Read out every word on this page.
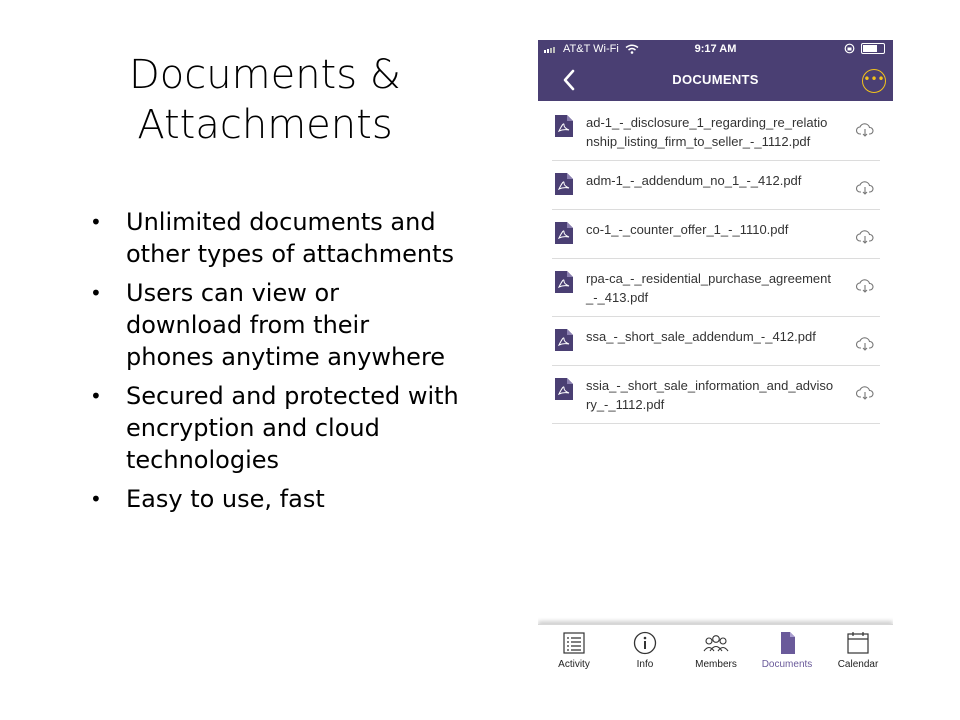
Documents &
Attachments
• Unlimited documents and other types of attachments
• Users can view or download from their phones anytime anywhere
• Secured and protected with encryption and cloud technologies
• Easy to use, fast
AT&T Wi-Fi	9:17 AM
DOCUMENTS	•••
ad-1_-_disclosure_1_regarding_re_relationship_listing_firm_to_seller_-_1112.pdf
adm-1_-_addendum_no_1_-_412.pdf
co-1_-_counter_offer_1_-_1110.pdf
rpa-ca_-_residential_purchase_agreement_-_413.pdf
ssa_-_short_sale_addendum_-_412.pdf
ssia_-_short_sale_information_and_advisory_-_1112.pdf
Activity	Info	Members	Documents	Calendar
